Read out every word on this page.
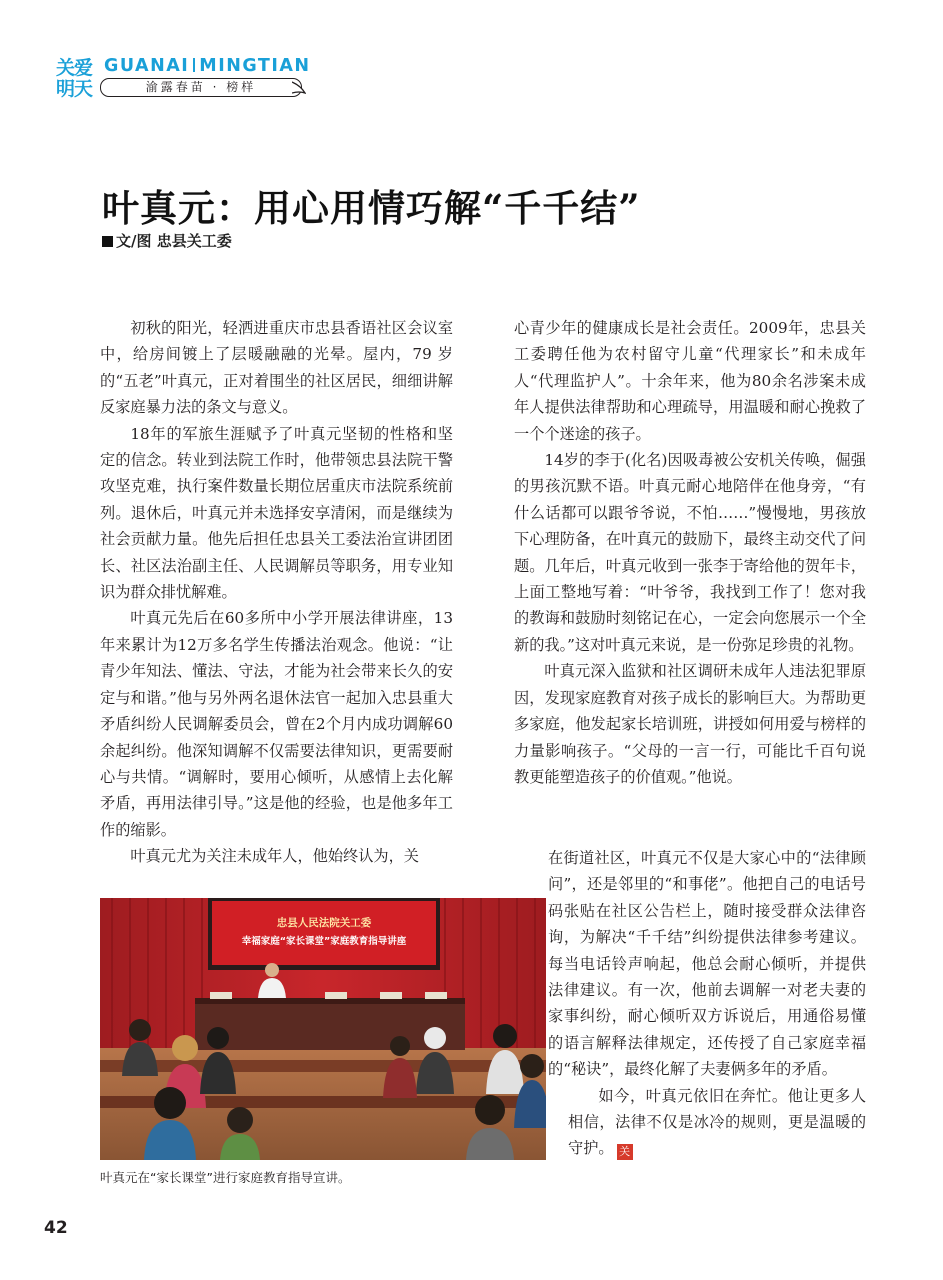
关爱明天
GUANAI MINGTIAN
渝露春苗 · 榜样
叶真元：用心用情巧解“千千结”
文/图 忠县关工委

初秋的阳光，轻洒进重庆市忠县香语社区会议室中，给房间镀上了层暖融融的光晕。屋内，79 岁的“五老”叶真元，正对着围坐的社区居民，细细讲解反家庭暴力法的条文与意义。

18年的军旅生涯赋予了叶真元坚韧的性格和坚定的信念。转业到法院工作时，他带领忠县法院干警攻坚克难，执行案件数量长期位居重庆市法院系统前列。退休后，叶真元并未选择安享清闲，而是继续为社会贡献力量。他先后担任忠县关工委法治宣讲团团长、社区法治副主任、人民调解员等职务，用专业知识为群众排忧解难。

叶真元先后在60多所中小学开展法律讲座，13年来累计为12万多名学生传播法治观念。他说：“让青少年知法、懂法、守法，才能为社会带来长久的安定与和谐。”他与另外两名退休法官一起加入忠县重大矛盾纠纷人民调解委员会，曾在2个月内成功调解60余起纠纷。他深知调解不仅需要法律知识，更需要耐心与共情。“调解时，要用心倾听，从感情上去化解矛盾，再用法律引导。”这是他的经验，也是他多年工作的缩影。

叶真元尤为关注未成年人，他始终认为，关

心青少年的健康成长是社会责任。2009年，忠县关工委聘任他为农村留守儿童“代理家长”和未成年人“代理监护人”。十余年来，他为80余名涉案未成年人提供法律帮助和心理疏导，用温暖和耐心挽救了一个个迷途的孩子。

14岁的李于(化名)因吸毒被公安机关传唤，倔强的男孩沉默不语。叶真元耐心地陪伴在他身旁，“有什么话都可以跟爷爷说，不怕……”慢慢地，男孩放下心理防备，在叶真元的鼓励下，最终主动交代了问题。几年后，叶真元收到一张李于寄给他的贺年卡，上面工整地写着：“叶爷爷，我找到工作了！您对我的教诲和鼓励时刻铭记在心，一定会向您展示一个全新的我。”这对叶真元来说，是一份弥足珍贵的礼物。

叶真元深入监狱和社区调研未成年人违法犯罪原因，发现家庭教育对孩子成长的影响巨大。为帮助更多家庭，他发起家长培训班，讲授如何用爱与榜样的力量影响孩子。“父母的一言一行，可能比千百句说教更能塑造孩子的价值观。”他说。

在街道社区，叶真元不仅是大家心中的“法律顾问”，还是邻里的“和事佬”。他把自己的电话号码张贴在社区公告栏上，随时接受群众法律咨询，为解决“千千结”纠纷提供法律参考建议。每当电话铃声响起，他总会耐心倾听，并提供法律建议。有一次，他前去调解一对老夫妻的家事纠纷，耐心倾听双方诉说后，用通俗易懂的语言解释法律规定，还传授了自己家庭幸福的“秘诀”，最终化解了夫妻俩多年的矛盾。

如今，叶真元依旧在奔忙。他让更多人相信，法律不仅是冰冷的规则，更是温暖的守护。 关

忠县人民法院关工委
幸福家庭“家长课堂”家庭教育指导讲座
叶真元在“家长课堂”进行家庭教育指导宣讲。
42
